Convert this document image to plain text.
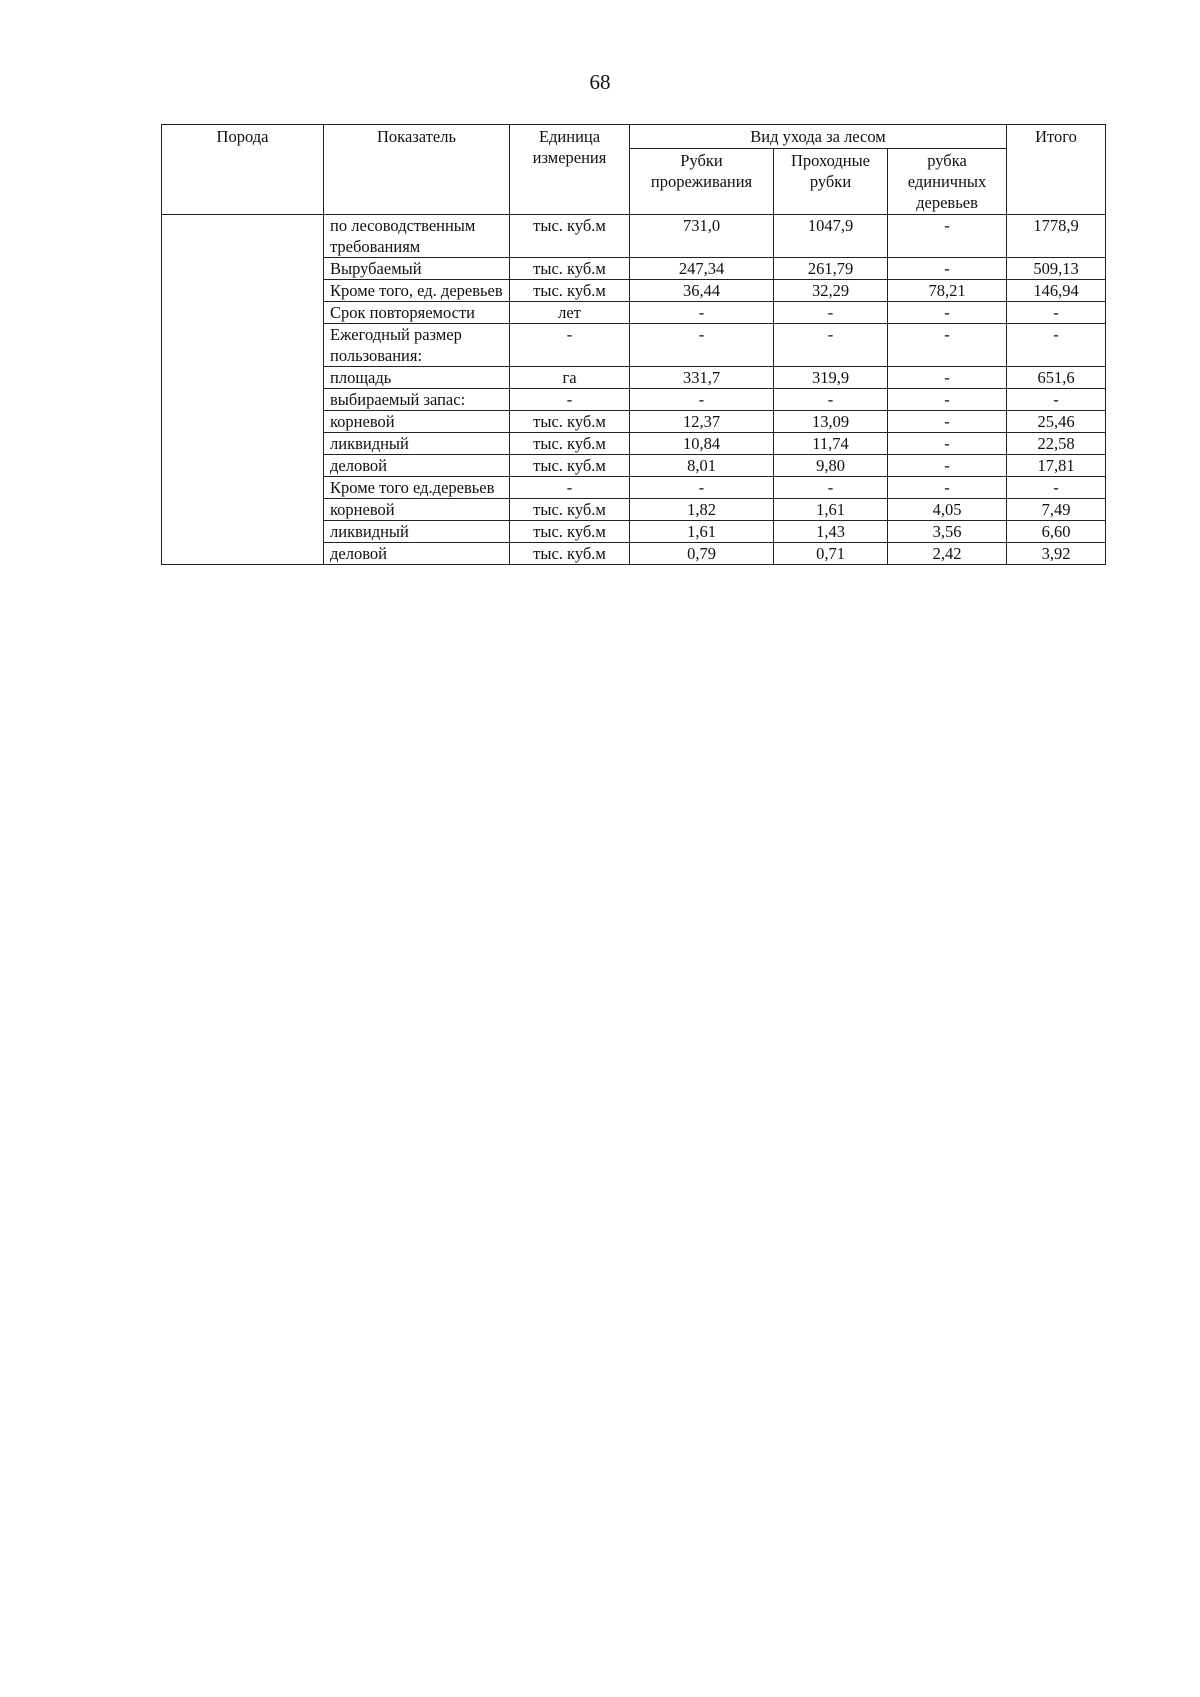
68
Порода	Показатель	Единица измерения	Вид ухода за лесом			Итого
			Рубки прореживания	Проходные рубки	рубка единичных деревьев	
	по лесоводственным требованиям	тыс. куб.м	731,0	1047,9	-	1778,9
	Вырубаемый	тыс. куб.м	247,34	261,79	-	509,13
	Кроме того, ед. деревьев	тыс. куб.м	36,44	32,29	78,21	146,94
	Срок повторяемости	лет	-	-	-	-
	Ежегодный размер пользования:	-	-	-	-	-
	площадь	га	331,7	319,9	-	651,6
	выбираемый запас:	-	-	-	-	-
	корневой	тыс. куб.м	12,37	13,09	-	25,46
	ликвидный	тыс. куб.м	10,84	11,74	-	22,58
	деловой	тыс. куб.м	8,01	9,80	-	17,81
	Кроме того ед.деревьев	-	-	-	-	-
	корневой	тыс. куб.м	1,82	1,61	4,05	7,49
	ликвидный	тыс. куб.м	1,61	1,43	3,56	6,60
	деловой	тыс. куб.м	0,79	0,71	2,42	3,92
